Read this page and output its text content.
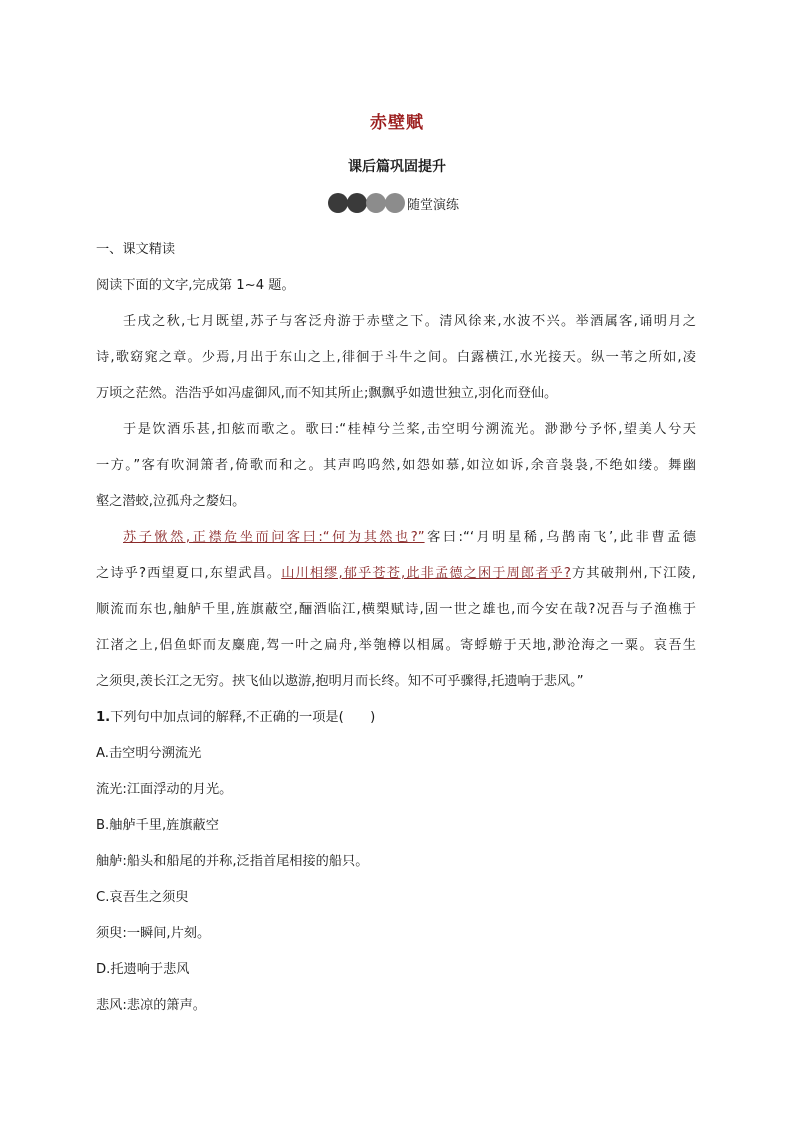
赤壁赋
课后篇巩固提升
随堂演练
一、课文精读
阅读下面的文字,完成第 1~4 题。
壬戌之秋,七月既望,苏子与客泛舟游于赤壁之下。清风徐来,水波不兴。举酒属客,诵明月之
诗,歌窈窕之章。少焉,月出于东山之上,徘徊于斗牛之间。白露横江,水光接天。纵一苇之所如,凌
万顷之茫然。浩浩乎如冯虚御风,而不知其所止;飘飘乎如遗世独立,羽化而登仙。
于是饮酒乐甚,扣舷而歌之。歌曰:“桂棹兮兰桨,击空明兮溯流光。渺渺兮予怀,望美人兮天
一方。”客有吹洞箫者,倚歌而和之。其声呜呜然,如怨如慕,如泣如诉,余音袅袅,不绝如缕。舞幽
壑之潜蛟,泣孤舟之嫠妇。
苏子愀然,正襟危坐而问客曰:“何为其然也?”客曰:“‘月明星稀,乌鹊南飞’,此非曹孟德
之诗乎?西望夏口,东望武昌。山川相缪,郁乎苍苍,此非孟德之困于周郎者乎?方其破荆州,下江陵,
顺流而东也,舳舻千里,旌旗蔽空,酾酒临江,横槊赋诗,固一世之雄也,而今安在哉?况吾与子渔樵于
江渚之上,侣鱼虾而友麋鹿,驾一叶之扁舟,举匏樽以相属。寄蜉蝣于天地,渺沧海之一粟。哀吾生
之须臾,羡长江之无穷。挟飞仙以遨游,抱明月而长终。知不可乎骤得,托遗响于悲风。”
1.下列句中加点词的解释,不正确的一项是(　　)
A.击空明兮溯流光
流光:江面浮动的月光。
B.舳舻千里,旌旗蔽空
舳舻:船头和船尾的并称,泛指首尾相接的船只。
C.哀吾生之须臾
须臾:一瞬间,片刻。
D.托遗响于悲风
悲风:悲凉的箫声。
